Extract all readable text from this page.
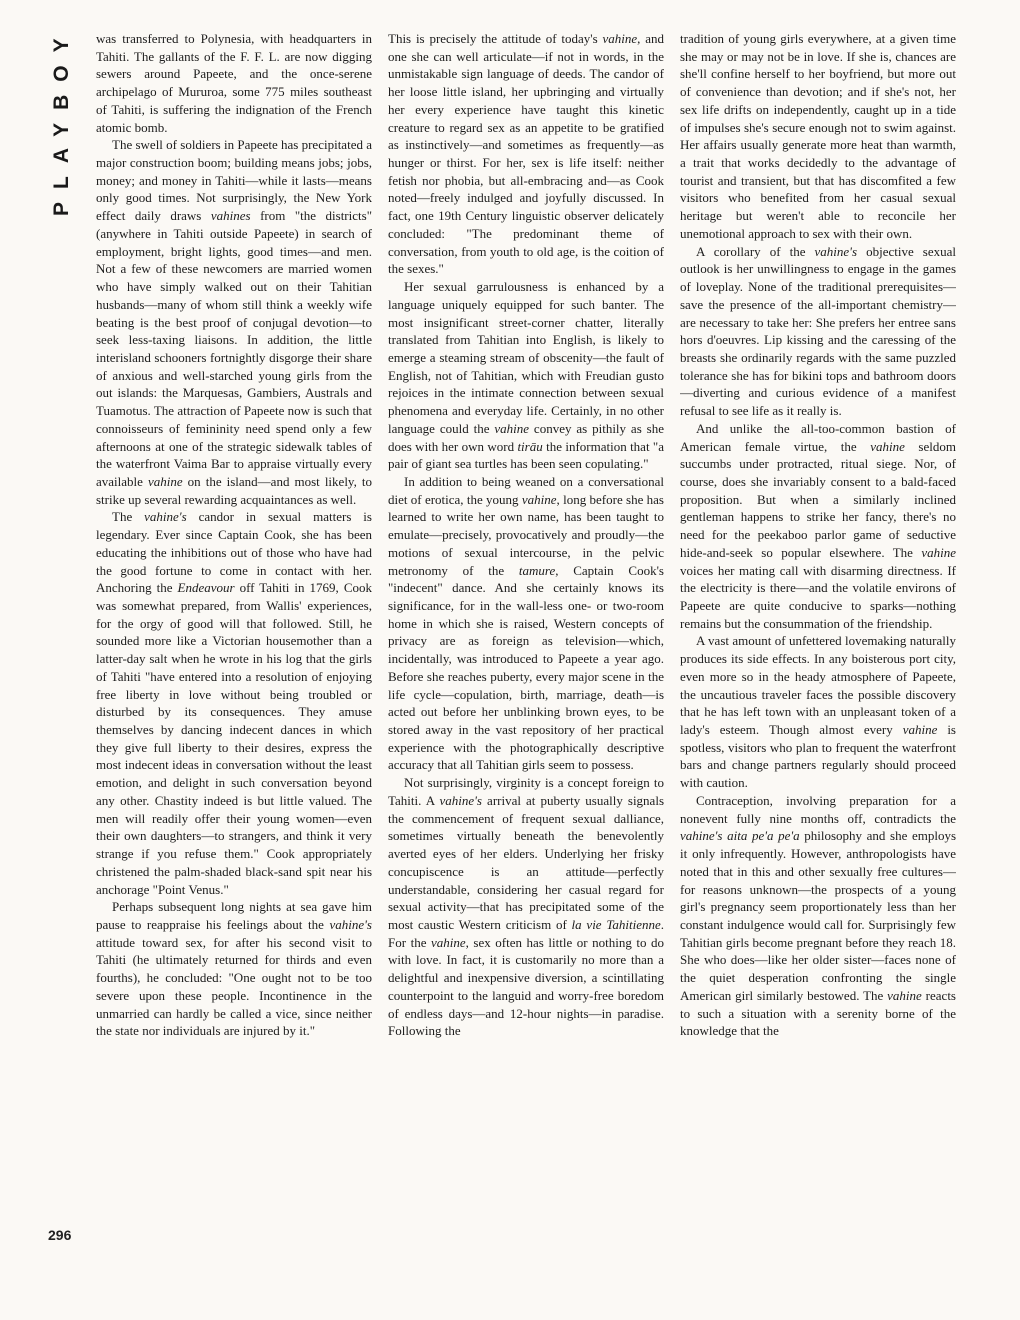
PLAYBOY was transferred to Polynesia, with headquarters in Tahiti. The gallants of the F. F. L. are now digging sewers around Papeete, and the once-serene archipelago of Mururoa, some 775 miles southeast of Tahiti, is suffering the indignation of the French atomic bomb.

The swell of soldiers in Papeete has precipitated a major construction boom; building means jobs; jobs, money; and money in Tahiti—while it lasts—means only good times. Not surprisingly, the New York effect daily draws vahines from "the districts" (anywhere in Tahiti outside Papeete) in search of employment, bright lights, good times—and men. Not a few of these newcomers are married women who have simply walked out on their Tahitian husbands—many of whom still think a weekly wife beating is the best proof of conjugal devotion—to seek less-taxing liaisons. In addition, the little interisland schooners fortnightly disgorge their share of anxious and well-starched young girls from the out islands: the Marquesas, Gambiers, Australs and Tuamotus. The attraction of Papeete now is such that connoisseurs of femininity need spend only a few afternoons at one of the strategic sidewalk tables of the waterfront Vaima Bar to appraise virtually every available vahine on the island—and most likely, to strike up several rewarding acquaintances as well.

The vahine's candor in sexual matters is legendary. Ever since Captain Cook, she has been educating the inhibitions out of those who have had the good fortune to come in contact with her. Anchoring the Endeavour off Tahiti in 1769, Cook was somewhat prepared, from Wallis' experiences, for the orgy of good will that followed. Still, he sounded more like a Victorian housemother than a latter-day salt when he wrote in his log that the girls of Tahiti "have entered into a resolution of enjoying free liberty in love without being troubled or disturbed by its consequences. They amuse themselves by dancing indecent dances in which they give full liberty to their desires, express the most indecent ideas in conversation without the least emotion, and delight in such conversation beyond any other. Chastity indeed is but little valued. The men will readily offer their young women—even their own daughters—to strangers, and think it very strange if you refuse them." Cook appropriately christened the palm-shaded black-sand spit near his anchorage "Point Venus."

Perhaps subsequent long nights at sea gave him pause to reappraise his feelings about the vahine's attitude toward sex, for after his second visit to Tahiti (he ultimately returned for thirds and even fourths), he concluded: "One ought not to be too severe upon these people. Incontinence in the unmarried can hardly be called a vice, since neither the state nor individuals are injured by it."

This is precisely the attitude of today's vahine, and one she can well articulate—if not in words, in the unmistakable sign language of deeds. The candor of her loose little island, her upbringing and virtually her every experience have taught this kinetic creature to regard sex as an appetite to be gratified as instinctively—and sometimes as frequently—as hunger or thirst. For her, sex is life itself: neither fetish nor phobia, but all-embracing and—as Cook noted—freely indulged and joyfully discussed. In fact, one 19th Century linguistic observer delicately concluded: "The predominant theme of conversation, from youth to old age, is the coition of the sexes."

Her sexual garrulousness is enhanced by a language uniquely equipped for such banter. The most insignificant street-corner chatter, literally translated from Tahitian into English, is likely to emerge a steaming stream of obscenity—the fault of English, not of Tahitian, which with Freudian gusto rejoices in the intimate connection between sexual phenomena and everyday life. Certainly, in no other language could the vahine convey as pithily as she does with her own word tirāu the information that "a pair of giant sea turtles has been seen copulating."

In addition to being weaned on a conversational diet of erotica, the young vahine, long before she has learned to write her own name, has been taught to emulate—precisely, provocatively and proudly—the motions of sexual intercourse, in the pelvic metronomy of the tamure, Captain Cook's "indecent" dance. And she certainly knows its significance, for in the wall-less one- or two-room home in which she is raised, Western concepts of privacy are as foreign as television—which, incidentally, was introduced to Papeete a year ago. Before she reaches puberty, every major scene in the life cycle—copulation, birth, marriage, death—is acted out before her unblinking brown eyes, to be stored away in the vast repository of her practical experience with the photographically descriptive accuracy that all Tahitian girls seem to possess.

Not surprisingly, virginity is a concept foreign to Tahiti. A vahine's arrival at puberty usually signals the commencement of frequent sexual dalliance, sometimes virtually beneath the benevolently averted eyes of her elders. Underlying her frisky concupiscence is an attitude—perfectly understandable, considering her casual regard for sexual activity—that has precipitated some of the most caustic Western criticism of la vie Tahitienne. For the vahine, sex often has little or nothing to do with love. In fact, it is customarily no more than a delightful and inexpensive diversion, a scintillating counterpoint to the languid and worry-free boredom of endless days—and 12-hour nights—in paradise. Following the

tradition of young girls everywhere, at a given time she may or may not be in love. If she is, chances are she'll confine herself to her boyfriend, but more out of convenience than devotion; and if she's not, her sex life drifts on independently, caught up in a tide of impulses she's secure enough not to swim against. Her affairs usually generate more heat than warmth, a trait that works decidedly to the advantage of tourist and transient, but that has discomfited a few visitors who benefited from her casual sexual heritage but weren't able to reconcile her unemotional approach to sex with their own.

A corollary of the vahine's objective sexual outlook is her unwillingness to engage in the games of loveplay. None of the traditional prerequisites—save the presence of the all-important chemistry—are necessary to take her: She prefers her entree sans hors d'oeuvres. Lip kissing and the caressing of the breasts she ordinarily regards with the same puzzled tolerance she has for bikini tops and bathroom doors—diverting and curious evidence of a manifest refusal to see life as it really is.

And unlike the all-too-common bastion of American female virtue, the vahine seldom succumbs under protracted, ritual siege. Nor, of course, does she invariably consent to a bald-faced proposition. But when a similarly inclined gentleman happens to strike her fancy, there's no need for the peekaboo parlor game of seductive hide-and-seek so popular elsewhere. The vahine voices her mating call with disarming directness. If the electricity is there—and the volatile environs of Papeete are quite conducive to sparks—nothing remains but the consummation of the friendship.

A vast amount of unfettered lovemaking naturally produces its side effects. In any boisterous port city, even more so in the heady atmosphere of Papeete, the uncautious traveler faces the possible discovery that he has left town with an unpleasant token of a lady's esteem. Though almost every vahine is spotless, visitors who plan to frequent the waterfront bars and change partners regularly should proceed with caution.

Contraception, involving preparation for a nonevent fully nine months off, contradicts the vahine's aita pe'a pe'a philosophy and she employs it only infrequently. However, anthropologists have noted that in this and other sexually free cultures—for reasons unknown—the prospects of a young girl's pregnancy seem proportionately less than her constant indulgence would call for. Surprisingly few Tahitian girls become pregnant before they reach 18. She who does—like her older sister—faces none of the quiet desperation confronting the single American girl similarly bestowed. The vahine reacts to such a situation with a serenity borne of the knowledge that the

296
